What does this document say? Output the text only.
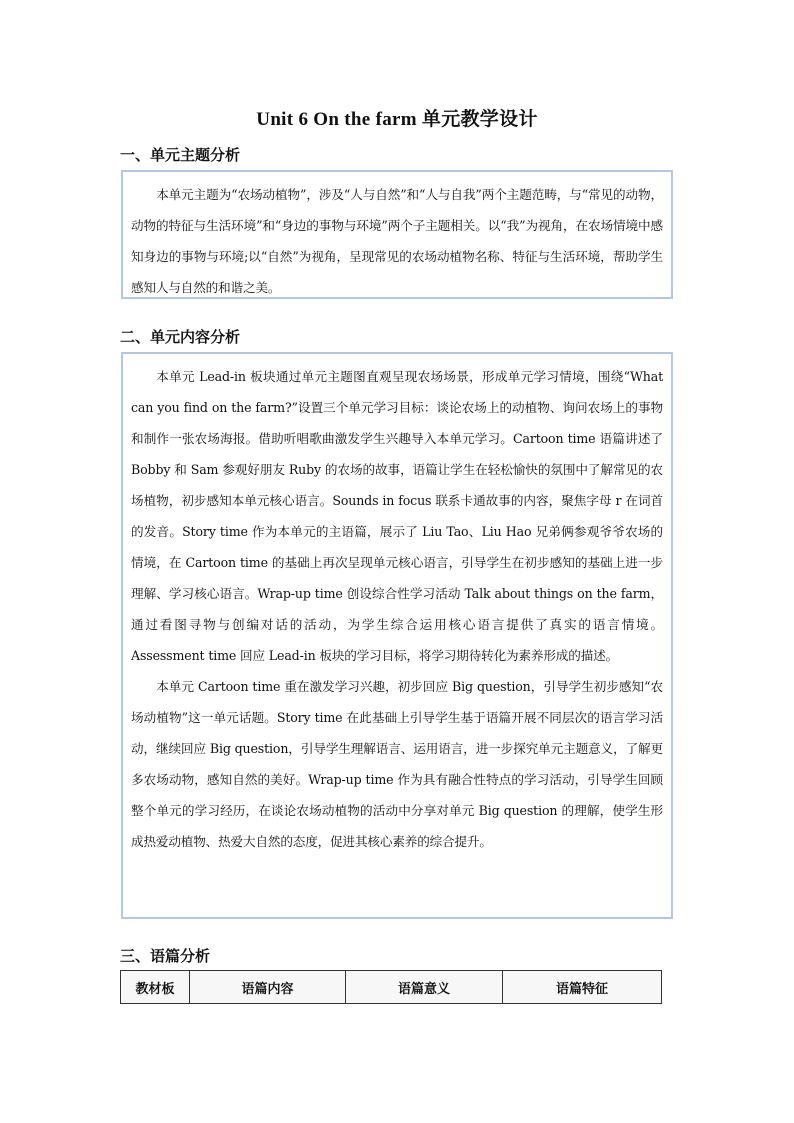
Unit 6 On the farm 单元教学设计
一、单元主题分析

本单元主题为“农场动植物”，涉及“人与自然”和“人与自我”两个主题范畴，与“常见的动物，动物的特征与生活环境”和“身边的事物与环境”两个子主题相关。以“我”为视角，在农场情境中感知身边的事物与环境;以“自然”为视角，呈现常见的农场动植物名称、特征与生活环境，帮助学生感知人与自然的和谐之美。

二、单元内容分析

本单元 Lead-in 板块通过单元主题图直观呈现农场场景，形成单元学习情境，围绕“What can you find on the farm?”设置三个单元学习目标：谈论农场上的动植物、询问农场上的事物和制作一张农场海报。借助听唱歌曲激发学生兴趣导入本单元学习。Cartoon time 语篇讲述了 Bobby 和 Sam 参观好朋友 Ruby 的农场的故事，语篇让学生在轻松愉快的氛围中了解常见的农场植物，初步感知本单元核心语言。Sounds in focus 联系卡通故事的内容，聚焦字母 r 在词首的发音。Story time 作为本单元的主语篇，展示了 Liu Tao、Liu Hao 兄弟俩参观爷爷农场的情境，在 Cartoon time 的基础上再次呈现单元核心语言，引导学生在初步感知的基础上进一步理解、学习核心语言。Wrap-up time 创设综合性学习活动 Talk about things on the farm，通过看图寻物与创编对话的活动，为学生综合运用核心语言提供了真实的语言情境。Assessment time 回应 Lead-in 板块的学习目标，将学习期待转化为素养形成的描述。

本单元 Cartoon time 重在激发学习兴趣，初步回应 Big question，引导学生初步感知“农场动植物”这一单元话题。Story time 在此基础上引导学生基于语篇开展不同层次的语言学习活动，继续回应 Big question，引导学生理解语言、运用语言，进一步探究单元主题意义，了解更多农场动物，感知自然的美好。Wrap-up time 作为具有融合性特点的学习活动，引导学生回顾整个单元的学习经历，在谈论农场动植物的活动中分享对单元 Big question 的理解，使学生形成热爱动植物、热爱大自然的态度，促进其核心素养的综合提升。

三、语篇分析
教材板	语篇内容	语篇意义	语篇特征
